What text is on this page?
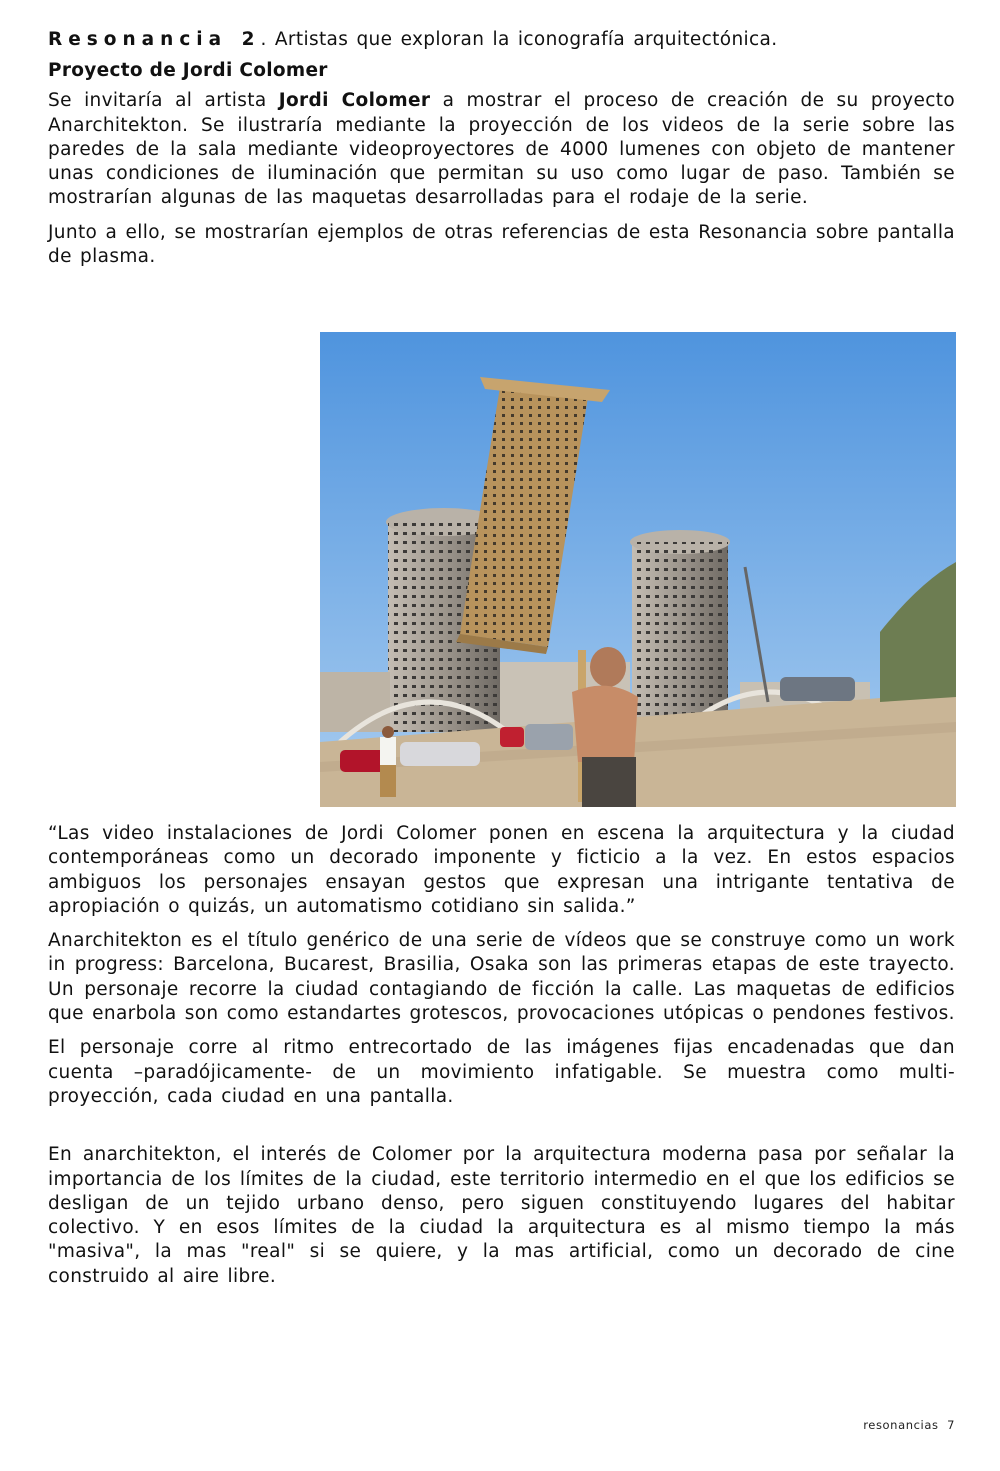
Resonancia 2. Artistas que exploran la iconografía arquitectónica.

Proyecto de Jordi Colomer

Se invitaría al artista Jordi Colomer a mostrar el proceso de creación de su proyecto Anarchitekton. Se ilustraría mediante la proyección de los videos de la serie sobre las paredes de la sala mediante videoproyectores de 4000 lumenes con objeto de mantener unas condiciones de iluminación que permitan su uso como lugar de paso. También se mostrarían algunas de las maquetas desarrolladas para el rodaje de la serie.

Junto a ello, se mostrarían ejemplos de otras referencias de esta Resonancia sobre pantalla de plasma.

“Las video instalaciones de Jordi Colomer ponen en escena la arquitectura y la ciudad contemporáneas como un decorado imponente y ficticio a la vez. En estos espacios ambiguos los personajes ensayan gestos que expresan una intrigante tentativa de apropiación o quizás, un automatismo cotidiano sin salida.”

Anarchitekton es el título genérico de una serie de vídeos que se construye como un work in progress: Barcelona, Bucarest, Brasilia, Osaka son las primeras etapas de este trayecto. Un personaje recorre la ciudad contagiando de ficción la calle. Las maquetas de edificios que enarbola son como estandartes grotescos, provocaciones utópicas o pendones festivos.

El personaje corre al ritmo entrecortado de las imágenes fijas encadenadas que dan cuenta –paradójicamente- de un movimiento infatigable. Se muestra como multi-proyección, cada ciudad en una pantalla.

En anarchitekton, el interés de Colomer por la arquitectura moderna pasa por señalar la importancia de los límites de la ciudad, este territorio intermedio en el que los edificios se desligan de un tejido urbano denso, pero siguen constituyendo lugares del habitar colectivo. Y en esos límites de la ciudad la arquitectura es al mismo tiempo la más "masiva", la mas "real" si se quiere, y la mas artificial, como un decorado de cine construido al aire libre.

resonancias 7
